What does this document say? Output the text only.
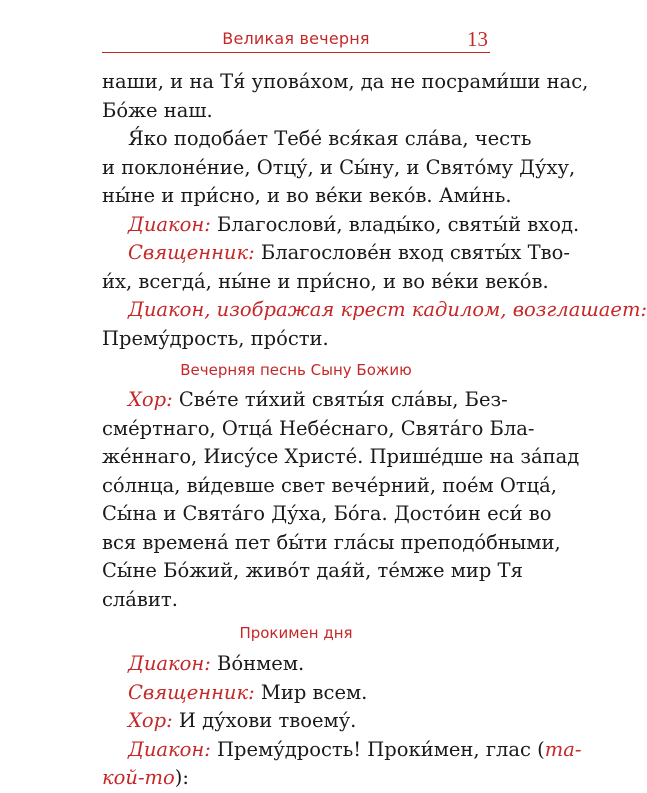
Великая вечерня	13
наши, и на Тя́ упова́хом, да не посрами́ши нас,
Бо́же наш.
Я́ко подоба́ет Тебе́ вся́кая сла́ва, честь
и поклоне́ние, Отцу́, и Сы́ну, и Свято́му Ду́ху,
ны́не и при́сно, и во ве́ки веко́в. Ами́нь.
Диакон: Благослови́, влады́ко, святы́й вход.
Священник: Благослове́н вход святы́х Тво-
и́х, всегда́, ны́не и при́сно, и во ве́ки веко́в.
Диакон, изображая крест кадилом, возглашает:
Прему́дрость, про́сти.
Вечерняя песнь Сыну Божию
Хор: Све́те ти́хий святы́я сла́вы, Без-
сме́ртнаго, Отца́ Небе́снаго, Свята́го Бла-
же́ннаго, Иису́се Христе́. Прише́дше на за́пад
со́лнца, ви́девше свет вече́рний, пое́м Отца́,
Сы́на и Свята́го Ду́ха, Бо́га. Досто́ин еси́ во
вся времена́ пет бы́ти гла́сы преподо́бными,
Сы́не Бо́жий, живо́т дая́й, те́мже мир Тя
сла́вит.
Прокимен дня
Диакон: Во́нмем.
Священник: Мир всем.
Хор: И ду́хови твоему́.
Диакон: Прему́дрость! Проки́мен, глас (та-
кой-то):
